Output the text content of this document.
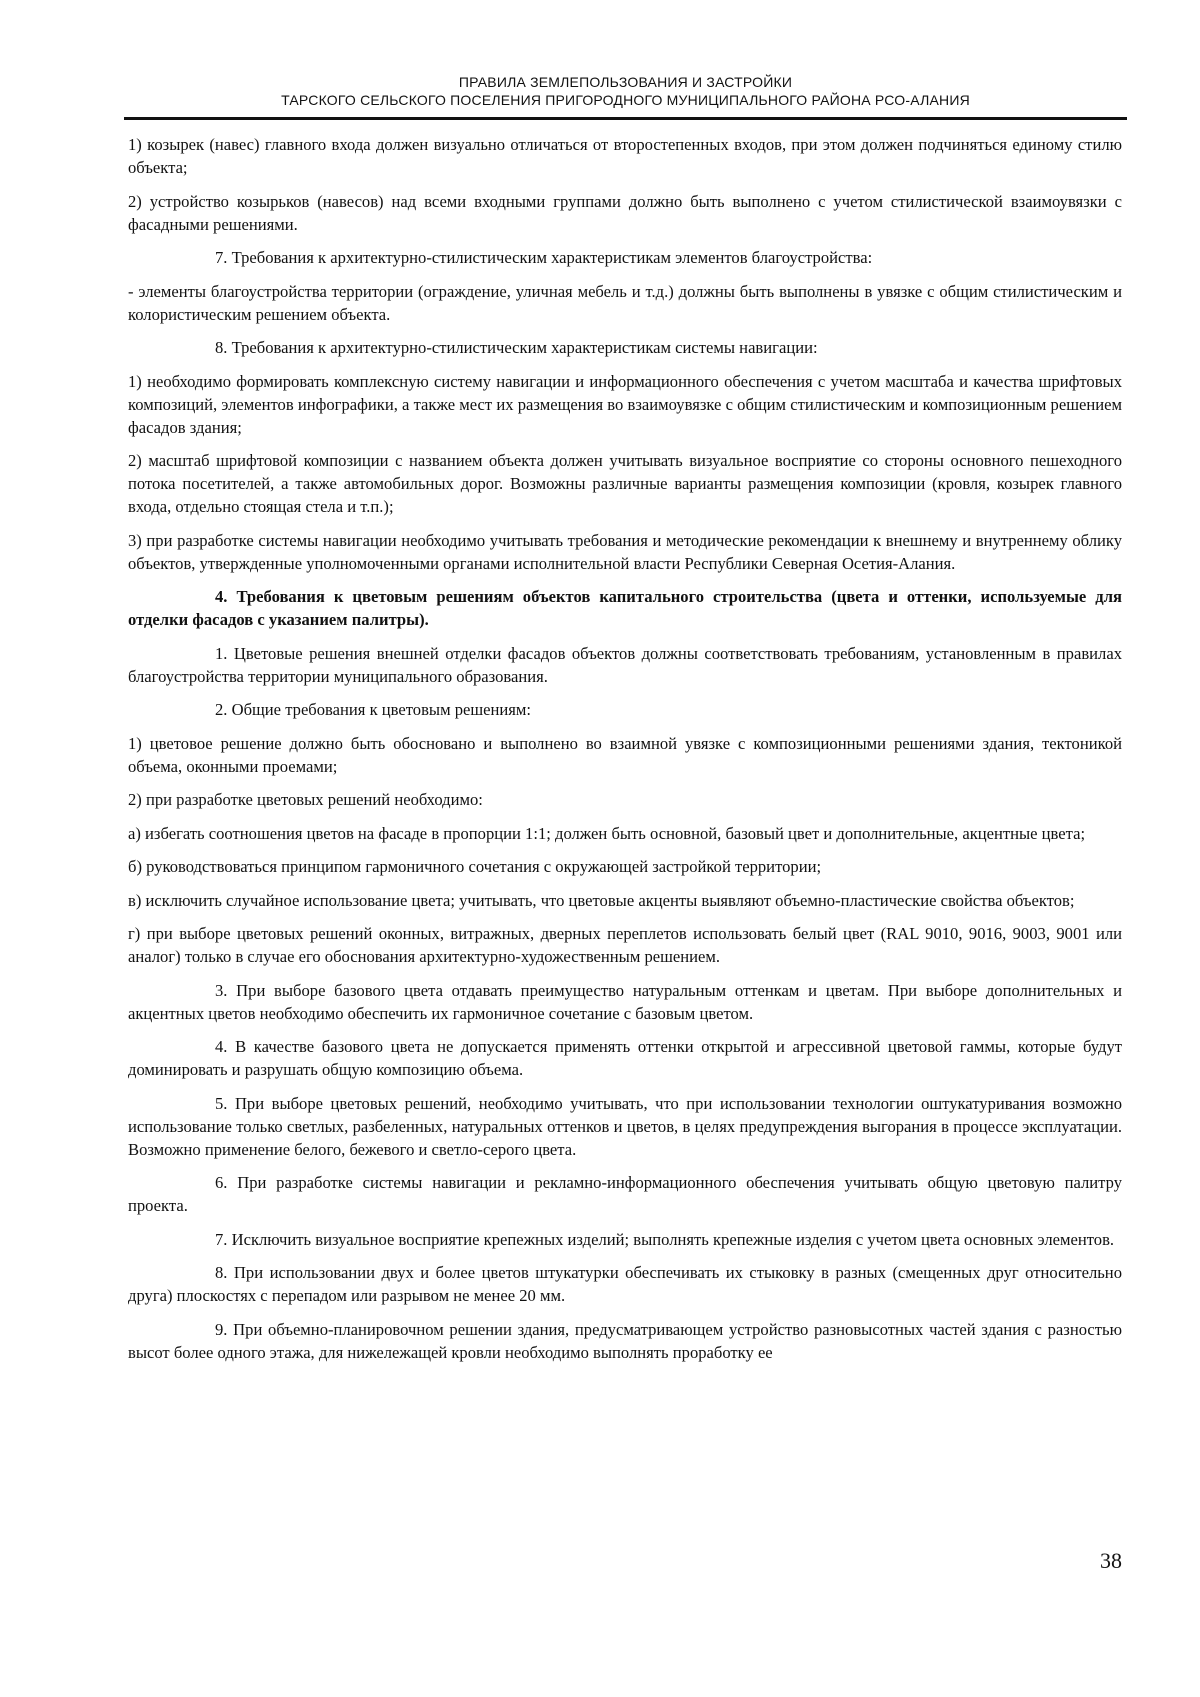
ПРАВИЛА ЗЕМЛЕПОЛЬЗОВАНИЯ И ЗАСТРОЙКИ
ТАРСКОГО СЕЛЬСКОГО ПОСЕЛЕНИЯ ПРИГОРОДНОГО МУНИЦИПАЛЬНОГО РАЙОНА РСО-АЛАНИЯ

1) козырек (навес) главного входа должен визуально отличаться от второстепенных входов, при этом должен подчиняться единому стилю объекта;

2) устройство козырьков (навесов) над всеми входными группами должно быть выполнено с учетом стилистической взаимоувязки с фасадными решениями.

7. Требования к архитектурно-стилистическим характеристикам элементов благоустройства:

- элементы благоустройства территории (ограждение, уличная мебель и т.д.) должны быть выполнены в увязке с общим стилистическим и колористическим решением объекта.

8. Требования к архитектурно-стилистическим характеристикам системы навигации:

1) необходимо формировать комплексную систему навигации и информационного обеспечения с учетом масштаба и качества шрифтовых композиций, элементов инфографики, а также мест их размещения во взаимоувязке с общим стилистическим и композиционным решением фасадов здания;

2) масштаб шрифтовой композиции с названием объекта должен учитывать визуальное восприятие со стороны основного пешеходного потока посетителей, а также автомобильных дорог. Возможны различные варианты размещения композиции (кровля, козырек главного входа, отдельно стоящая стела и т.п.);

3) при разработке системы навигации необходимо учитывать требования и методические рекомендации к внешнему и внутреннему облику объектов, утвержденные уполномоченными органами исполнительной власти Республики Северная Осетия-Алания.

4. Требования к цветовым решениям объектов капитального строительства (цвета и оттенки, используемые для отделки фасадов с указанием палитры).

1. Цветовые решения внешней отделки фасадов объектов должны соответствовать требованиям, установленным в правилах благоустройства территории муниципального образования.

2. Общие требования к цветовым решениям:

1) цветовое решение должно быть обосновано и выполнено во взаимной увязке с композиционными решениями здания, тектоникой объема, оконными проемами;

2) при разработке цветовых решений необходимо:

а) избегать соотношения цветов на фасаде в пропорции 1:1; должен быть основной, базовый цвет и дополнительные, акцентные цвета;

б) руководствоваться принципом гармоничного сочетания с окружающей застройкой территории;

в) исключить случайное использование цвета; учитывать, что цветовые акценты выявляют объемно-пластические свойства объектов;

г) при выборе цветовых решений оконных, витражных, дверных переплетов использовать белый цвет (RAL 9010, 9016, 9003, 9001 или аналог) только в случае его обоснования архитектурно-художественным решением.

3. При выборе базового цвета отдавать преимущество натуральным оттенкам и цветам. При выборе дополнительных и акцентных цветов необходимо обеспечить их гармоничное сочетание с базовым цветом.

4. В качестве базового цвета не допускается применять оттенки открытой и агрессивной цветовой гаммы, которые будут доминировать и разрушать общую композицию объема.

5. При выборе цветовых решений, необходимо учитывать, что при использовании технологии оштукатуривания возможно использование только светлых, разбеленных, натуральных оттенков и цветов, в целях предупреждения выгорания в процессе эксплуатации. Возможно применение белого, бежевого и светло-серого цвета.

6. При разработке системы навигации и рекламно-информационного обеспечения учитывать общую цветовую палитру проекта.

7. Исключить визуальное восприятие крепежных изделий; выполнять крепежные изделия с учетом цвета основных элементов.

8. При использовании двух и более цветов штукатурки обеспечивать их стыковку в разных (смещенных друг относительно друга) плоскостях с перепадом или разрывом не менее 20 мм.

9. При объемно-планировочном решении здания, предусматривающем устройство разновысотных частей здания с разностью высот более одного этажа, для нижележащей кровли необходимо выполнять проработку ее

38
